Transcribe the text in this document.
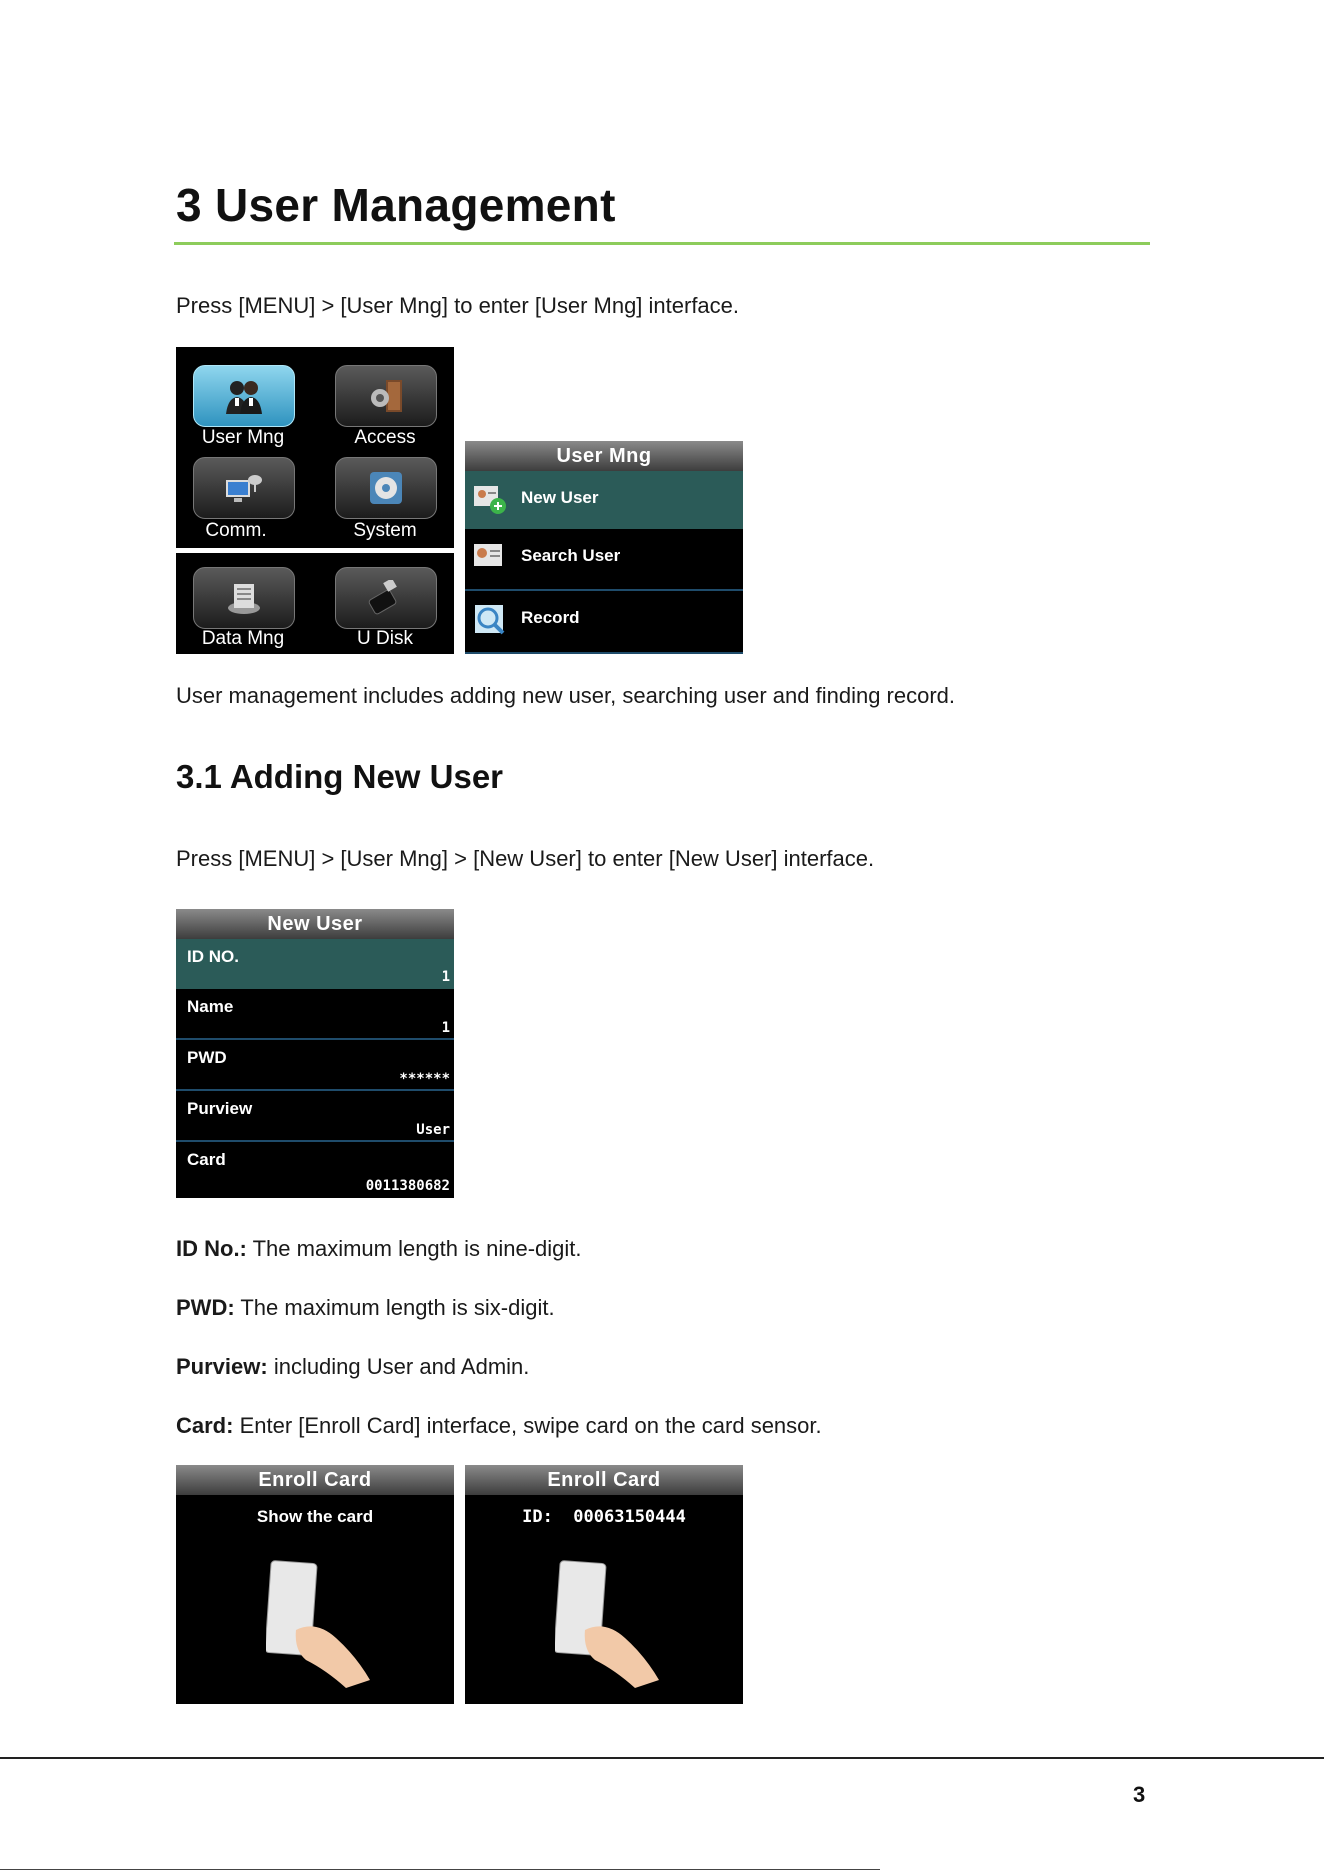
3 User Management
Press [MENU] > [User Mng] to enter [User Mng] interface.
User Mng	Access
Comm.	System
Data Mng	U Disk
User Mng
New User
Search User
Record
User management includes adding new user, searching user and finding record.
3.1 Adding New User
Press [MENU] > [User Mng] > [New User] to enter [New User] interface.
New User
ID NO.
1
Name
1
PWD
******
Purview
User
Card
0011380682
ID No.: The maximum length is nine-digit.
PWD: The maximum length is six-digit.
Purview: including User and Admin.
Card: Enter [Enroll Card] interface, swipe card on the card sensor.
Enroll Card
Show the card
Enroll Card
ID:  00063150444
3
